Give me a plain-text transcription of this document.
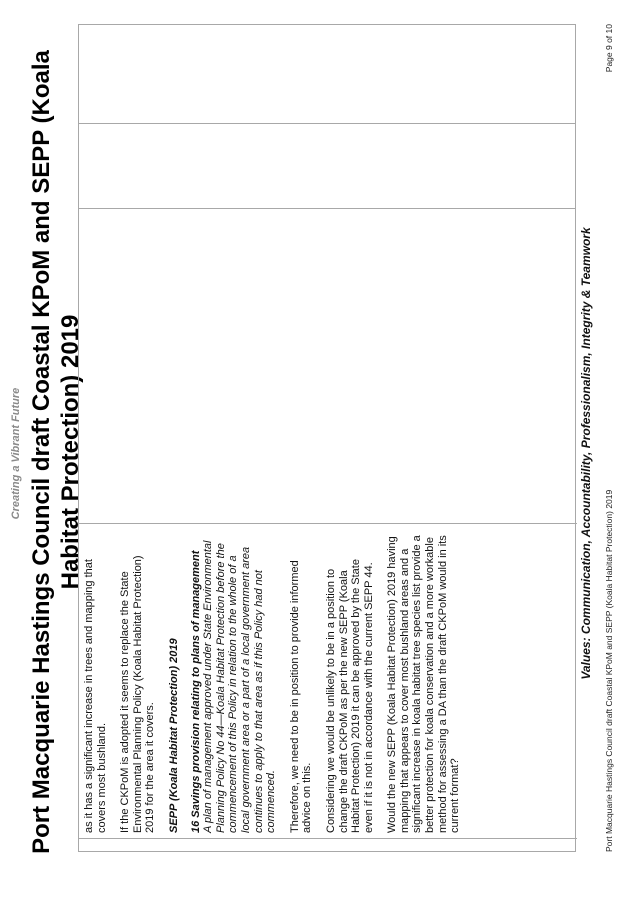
Creating a Vibrant Future Port Macquarie Hastings Council draft Coastal KPoM and SEPP (Koala Habitat Protection) 2019

as it has a significant increase in trees and mapping that covers most bushland. If the CKPoM is adopted it seems to replace the State Environmental Planning Policy (Koala Habitat Protection) 2019 for the area it covers. SEPP (Koala Habitat Protection) 2019 16 Savings provision relating to plans of management A plan of management approved under State Environmental Planning Policy No 44—Koala Habitat Protection before the commencement of this Policy in relation to the whole of a local government area or a part of a local government area continues to apply to that area as if this Policy had not commenced. Therefore, we need to be in position to provide informed advice on this. Considering we would be unlikely to be in a position to change the draft CKPoM as per the new SEPP (Koala Habitat Protection) 2019 it can be approved by the State even if it is not in accordance with the current SEPP 44. Would the new SEPP (Koala Habitat Protection) 2019 having mapping that appears to cover most bushland areas and a significant increase in koala habitat tree species list provide a better protection for koala conservation and a more workable method for assessing a DA than the draft CKPoM would in its current format?

Values: Communication, Accountability, Professionalism, Integrity & Teamwork Port Macquarie Hastings Council draft Coastal KPoM and SEPP (Koala Habitat Protection) 2019
Page 9 of 10
